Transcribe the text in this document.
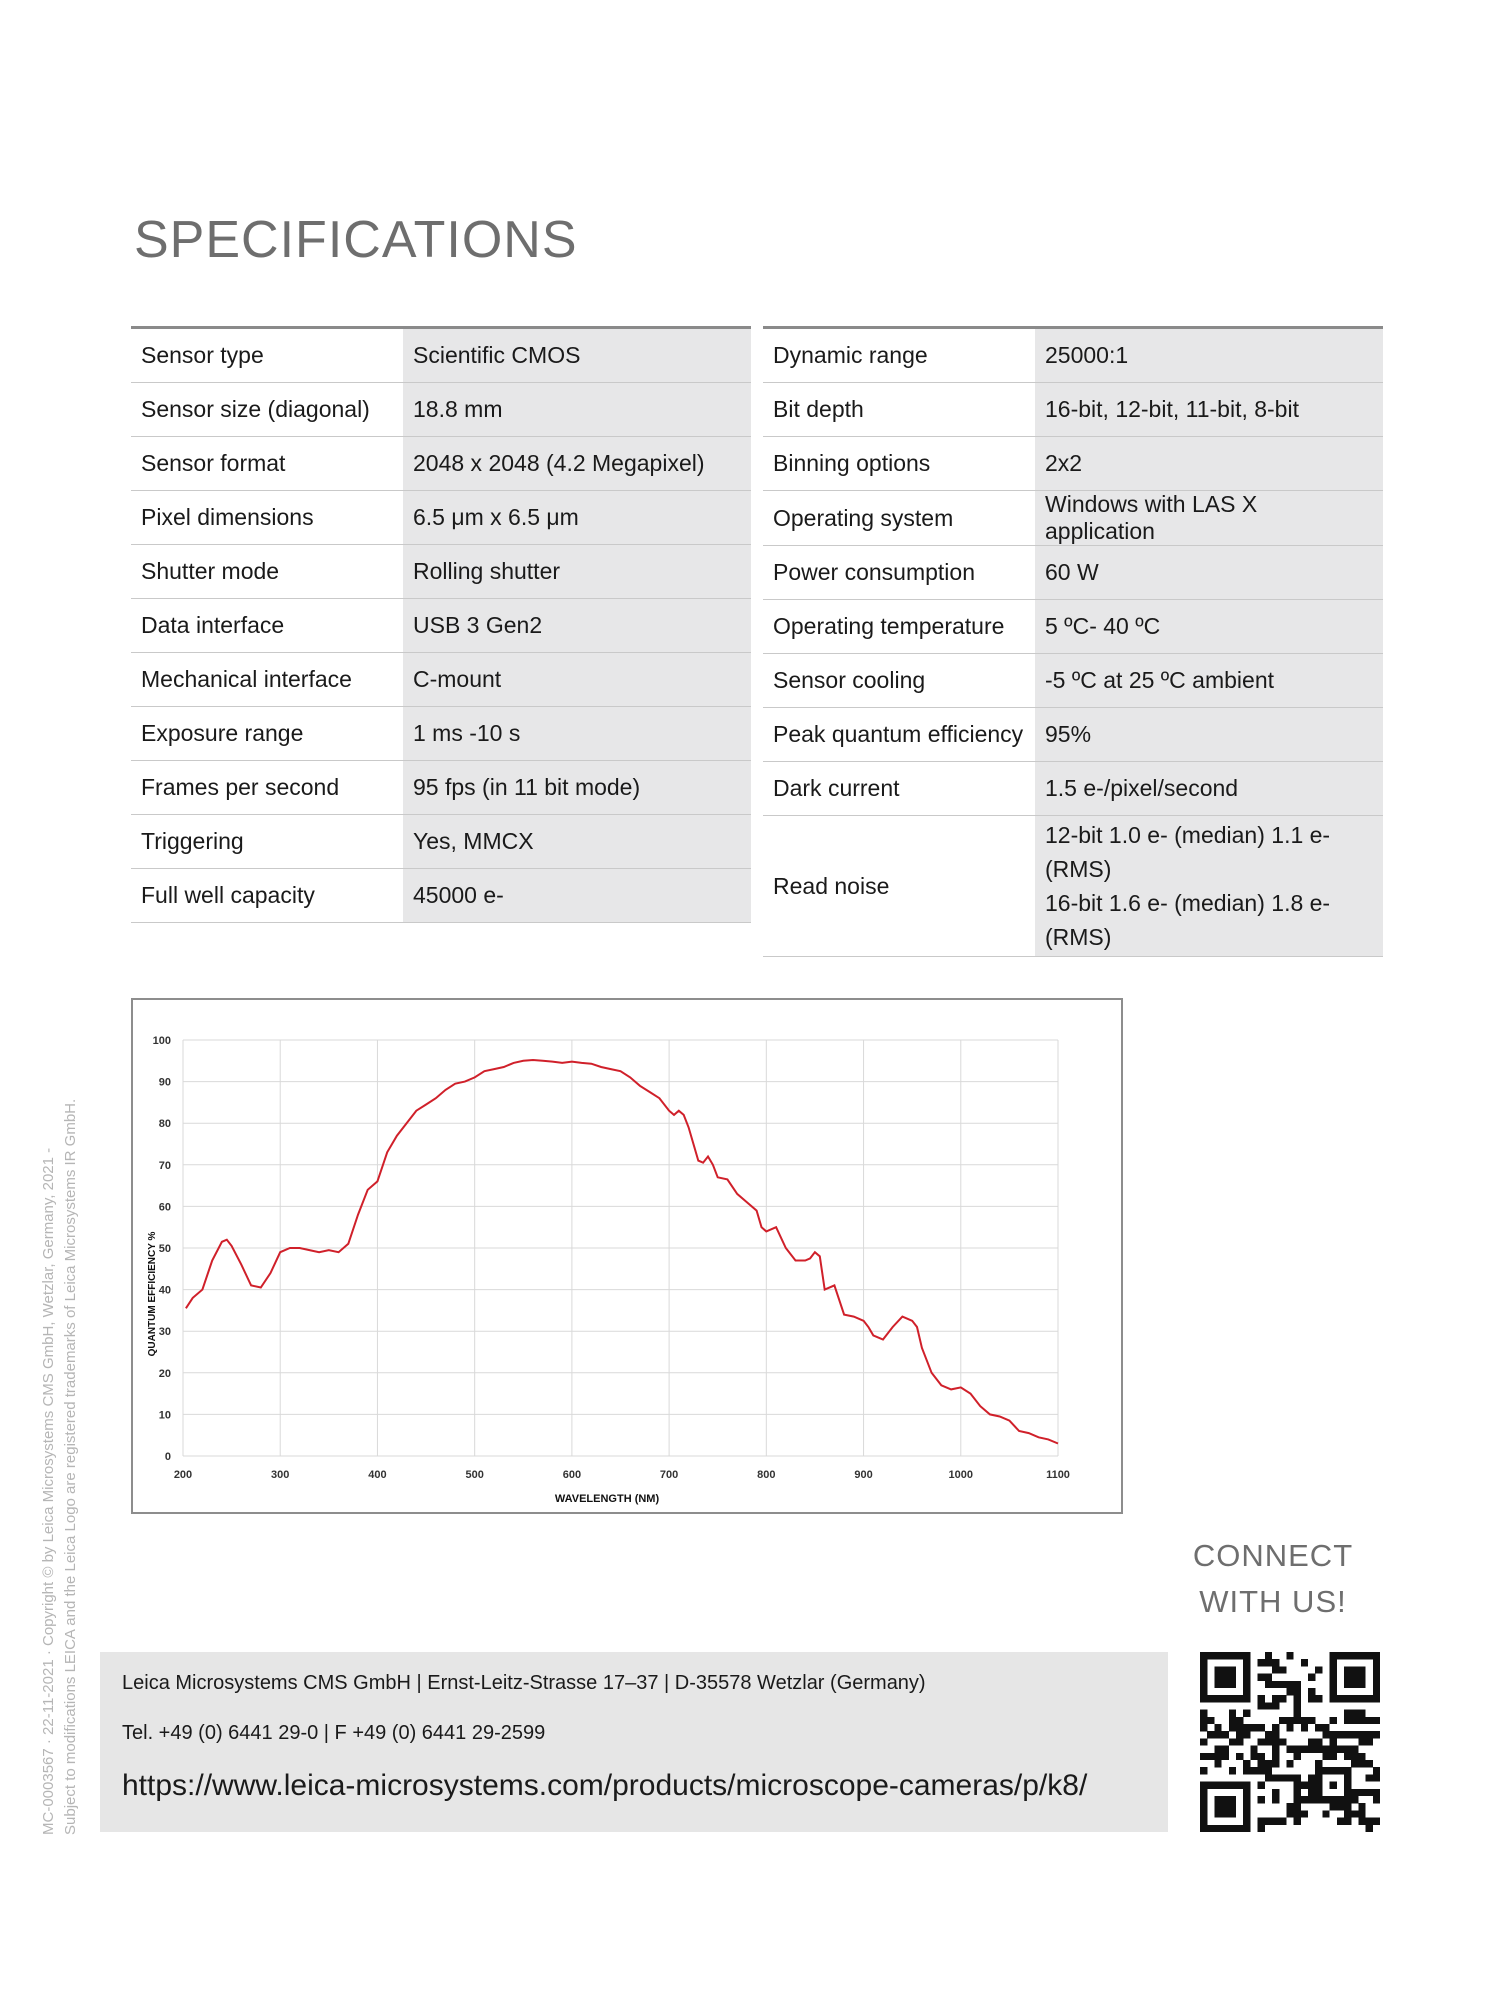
SPECIFICATIONS
Sensor type	Scientific CMOS
Sensor size (diagonal)	18.8 mm
Sensor format	2048 x 2048 (4.2 Megapixel)
Pixel dimensions	6.5 μm x 6.5 μm
Shutter mode	Rolling shutter
Data interface	USB 3 Gen2
Mechanical interface	C-mount
Exposure range	1 ms -10 s
Frames per second	95 fps (in 11 bit mode)
Triggering	Yes, MMCX
Full well capacity	45000 e-
Dynamic range	25000:1
Bit depth	16-bit, 12-bit, 11-bit, 8-bit
Binning options	2x2
Operating system	Windows with LAS X application
Power consumption	60 W
Operating temperature	5 ºC- 40 ºC
Sensor cooling	-5 ºC at 25 ºC ambient
Peak quantum efficiency	95%
Dark current	1.5 e-/pixel/second
Read noise	12-bit 1.0 e- (median) 1.1 e- (RMS)
16-bit 1.6 e- (median) 1.8 e- (RMS)
0
10
20
30
40
50
60
70
80
90
100
200	300	400	500	600	700	800	900	1000	1100
WAVELENGTH (NM)
QUANTUM EFFICIENCY %
MC-0003567 · 22-11-2021 · Copyright © by Leica Microsystems CMS GmbH, Wetzlar, Germany, 2021 - Subject to modifications LEICA and the Leica Logo are registered trademarks of Leica Microsystems IR GmbH.	CONNECT
WITH US!
Leica Microsystems CMS GmbH | Ernst-Leitz-Strasse 17–37 | D-35578 Wetzlar (Germany)
Tel. +49 (0) 6441 29-0 | F +49 (0) 6441 29-2599
https://www.leica-microsystems.com/products/microscope-cameras/p/k8/
